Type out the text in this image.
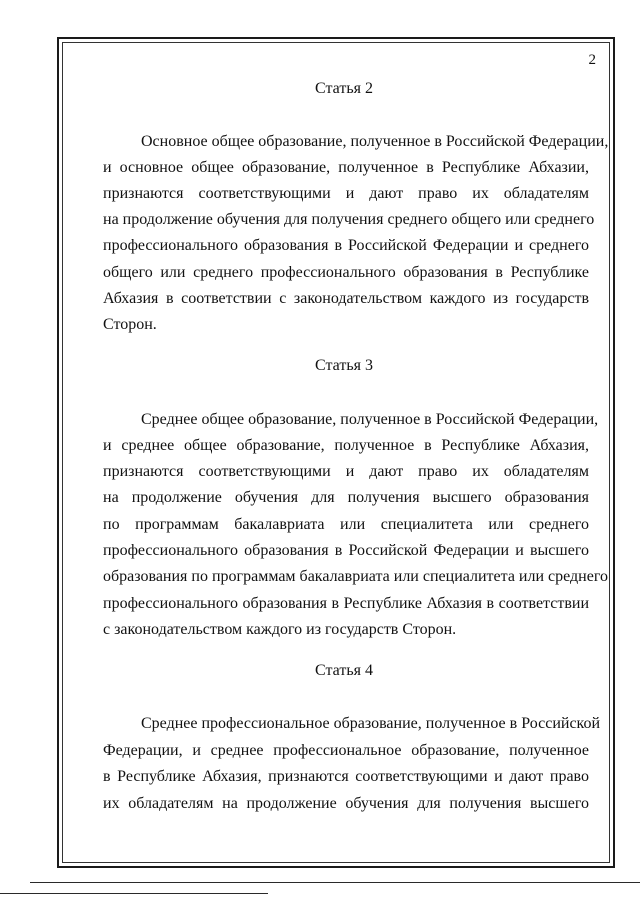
2
Статья 2
Основное общее образование, полученное в Российской Федерации,
и основное общее образование, полученное в Республике Абхазии,
признаются соответствующими и дают право их обладателям
на продолжение обучения для получения среднего общего или среднего
профессионального образования в Российской Федерации и среднего
общего или среднего профессионального образования в Республике
Абхазия в соответствии с законодательством каждого из государств
Сторон.
Статья 3
Среднее общее образование, полученное в Российской Федерации,
и среднее общее образование, полученное в Республике Абхазия,
признаются соответствующими и дают право их обладателям
на продолжение обучения для получения высшего образования
по программам бакалавриата или специалитета или среднего
профессионального образования в Российской Федерации и высшего
образования по программам бакалавриата или специалитета или среднего
профессионального образования в Республике Абхазия в соответствии
с законодательством каждого из государств Сторон.
Статья 4
Среднее профессиональное образование, полученное в Российской
Федерации, и среднее профессиональное образование, полученное
в Республике Абхазия, признаются соответствующими и дают право
их обладателям на продолжение обучения для получения высшего
